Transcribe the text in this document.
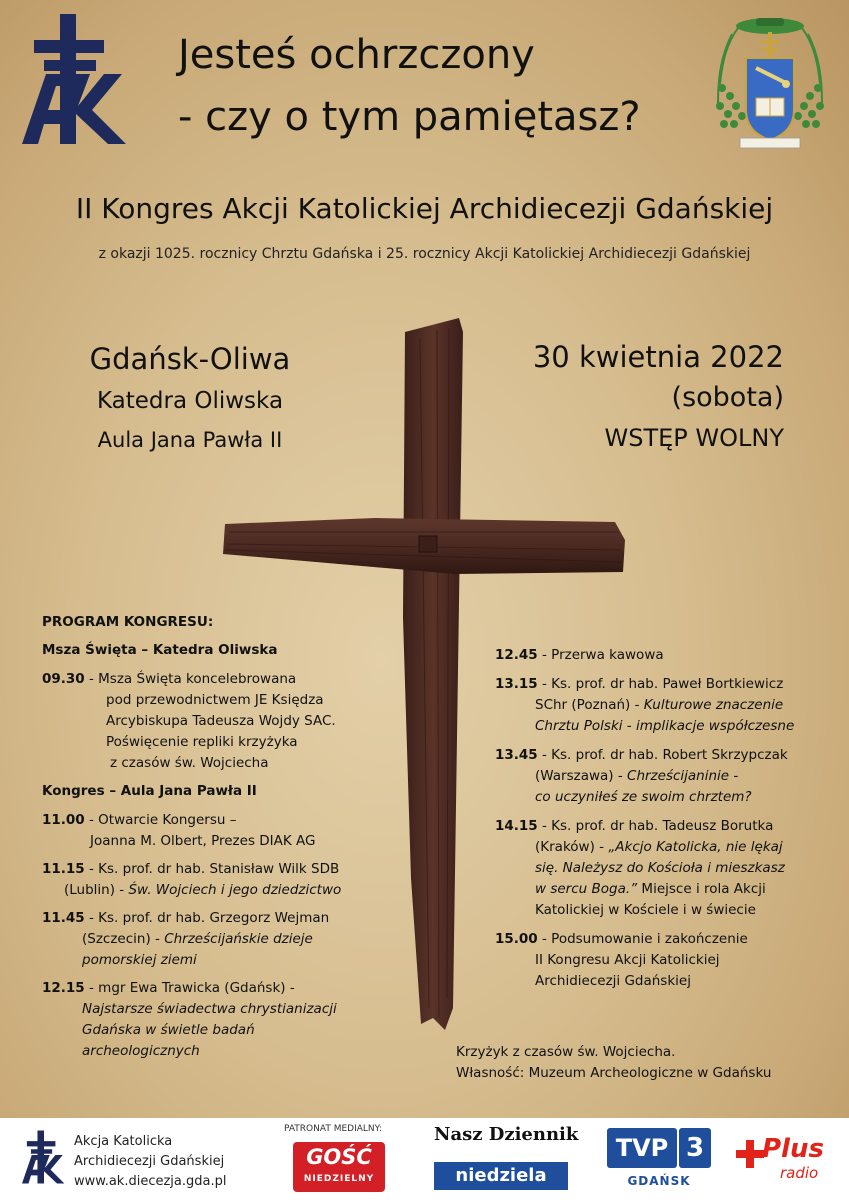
Jesteś ochrzczony
- czy o tym pamiętasz?
II Kongres Akcji Katolickiej Archidiecezji Gdańskiej
z okazji 1025. rocznicy Chrztu Gdańska i 25. rocznicy Akcji Katolickiej Archidiecezji Gdańskiej
Gdańsk-Oliwa
Katedra Oliwska
Aula Jana Pawła II
30 kwietnia 2022
(sobota)
WSTĘP WOLNY
PROGRAM KONGRESU:
Msza Święta – Katedra Oliwska
09.30 - Msza Święta koncelebrowana
pod przewodnictwem JE Księdza
Arcybiskupa Tadeusza Wojdy SAC.
Poświęcenie repliki krzyżyka
z czasów św. Wojciecha
Kongres – Aula Jana Pawła II
11.00 - Otwarcie Kongersu –
Joanna M. Olbert, Prezes DIAK AG
11.15 - Ks. prof. dr hab. Stanisław Wilk SDB
(Lublin) - Św. Wojciech i jego dziedzictwo
11.45 - Ks. prof. dr hab. Grzegorz Wejman
(Szczecin) - Chrześcijańskie dzieje
pomorskiej ziemi
12.15 - mgr Ewa Trawicka (Gdańsk) -
Najstarsze świadectwa chrystianizacji
Gdańska w świetle badań
archeologicznych
12.45 - Przerwa kawowa
13.15 - Ks. prof. dr hab. Paweł Bortkiewicz
SChr (Poznań) - Kulturowe znaczenie
Chrztu Polski - implikacje współczesne
13.45 - Ks. prof. dr hab. Robert Skrzypczak
(Warszawa) - Chrześcijaninie -
co uczyniłeś ze swoim chrztem?
14.15 - Ks. prof. dr hab. Tadeusz Borutka
(Kraków) - „Akcjo Katolicka, nie lękaj
się. Należysz do Kościoła i mieszkasz
w sercu Boga.” Miejsce i rola Akcji
Katolickiej w Kościele i w świecie
15.00 - Podsumowanie i zakończenie
II Kongresu Akcji Katolickiej
Archidiecezji Gdańskiej
Krzyżyk z czasów św. Wojciecha.
Własność: Muzeum Archeologiczne w Gdańsku
Akcja Katolicka
Archidiecezji Gdańskiej
www.ak.diecezja.gda.pl
PATRONAT MEDIALNY:
GOŚĆ
NIEDZIELNY
Nasz Dziennik
niedziela
TVP 3
GDAŃSK
Plus
radio
